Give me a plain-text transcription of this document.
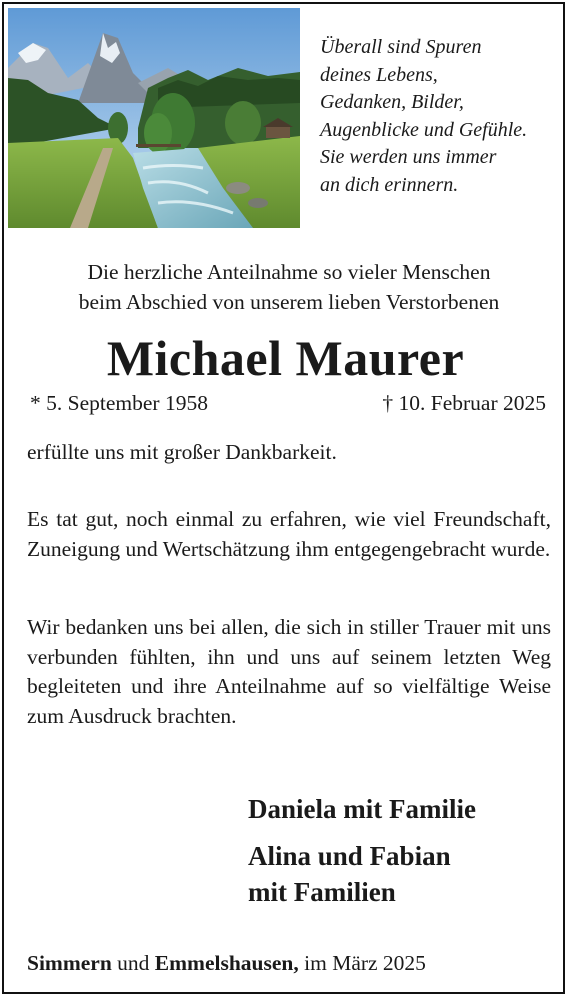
Überall sind Spuren
deines Lebens,
Gedanken, Bilder,
Augenblicke und Gefühle.
Sie werden uns immer
an dich erinnern.
Die herzliche Anteilnahme so vieler Menschen
beim Abschied von unserem lieben Verstorbenen
Michael Maurer
* 5. September 1958	† 10. Februar 2025
erfüllte uns mit großer Dankbarkeit.
Es tat gut, noch einmal zu erfahren, wie viel Freundschaft, Zuneigung und Wertschätzung ihm entgegengebracht wurde.
Wir bedanken uns bei allen, die sich in stiller Trauer mit uns verbunden fühlten, ihn und uns auf seinem letzten Weg begleiteten und ihre Anteilnahme auf so vielfältige Weise zum Ausdruck brachten.
Daniela mit Familie
Alina und Fabian
mit Familien
Simmern und Emmelshausen, im März 2025
